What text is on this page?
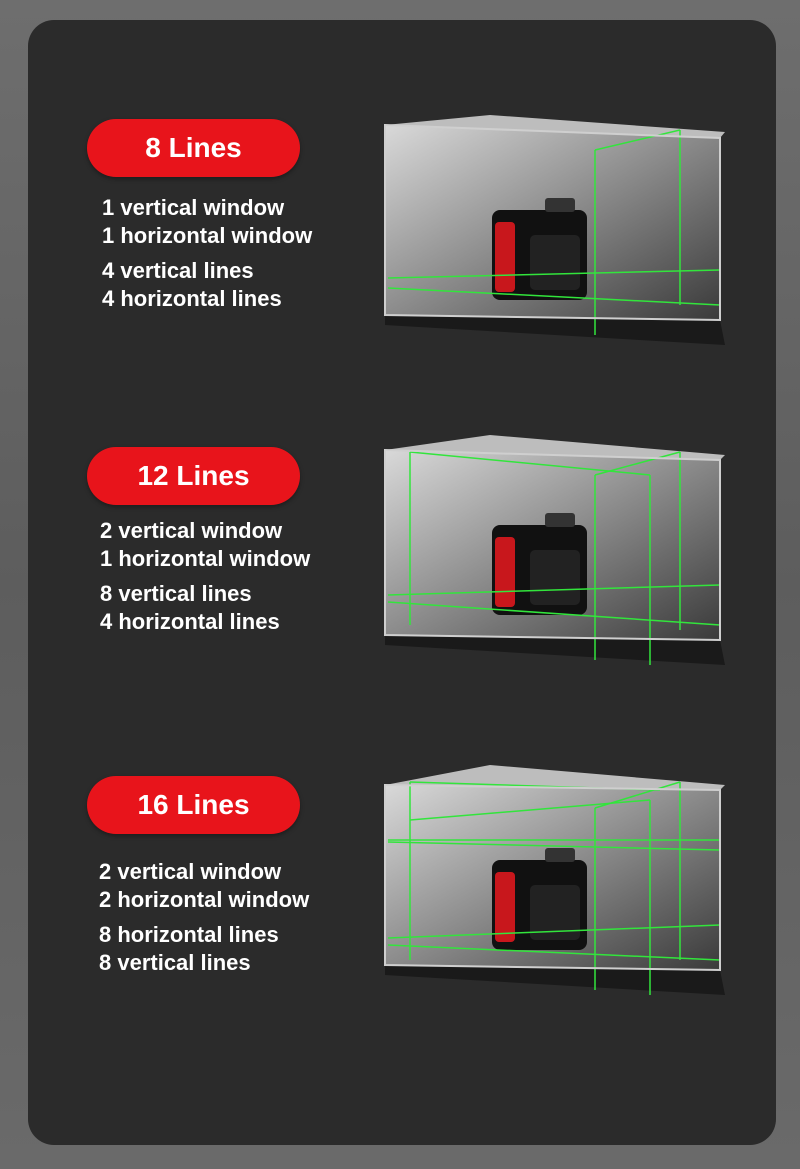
8 Lines
1 vertical window
1 horizontal window
4 vertical lines
4 horizontal lines
12 Lines
2 vertical window
1 horizontal window
8 vertical lines
4 horizontal lines
16 Lines
2 vertical window
2 horizontal window
8 horizontal lines
8 vertical lines
